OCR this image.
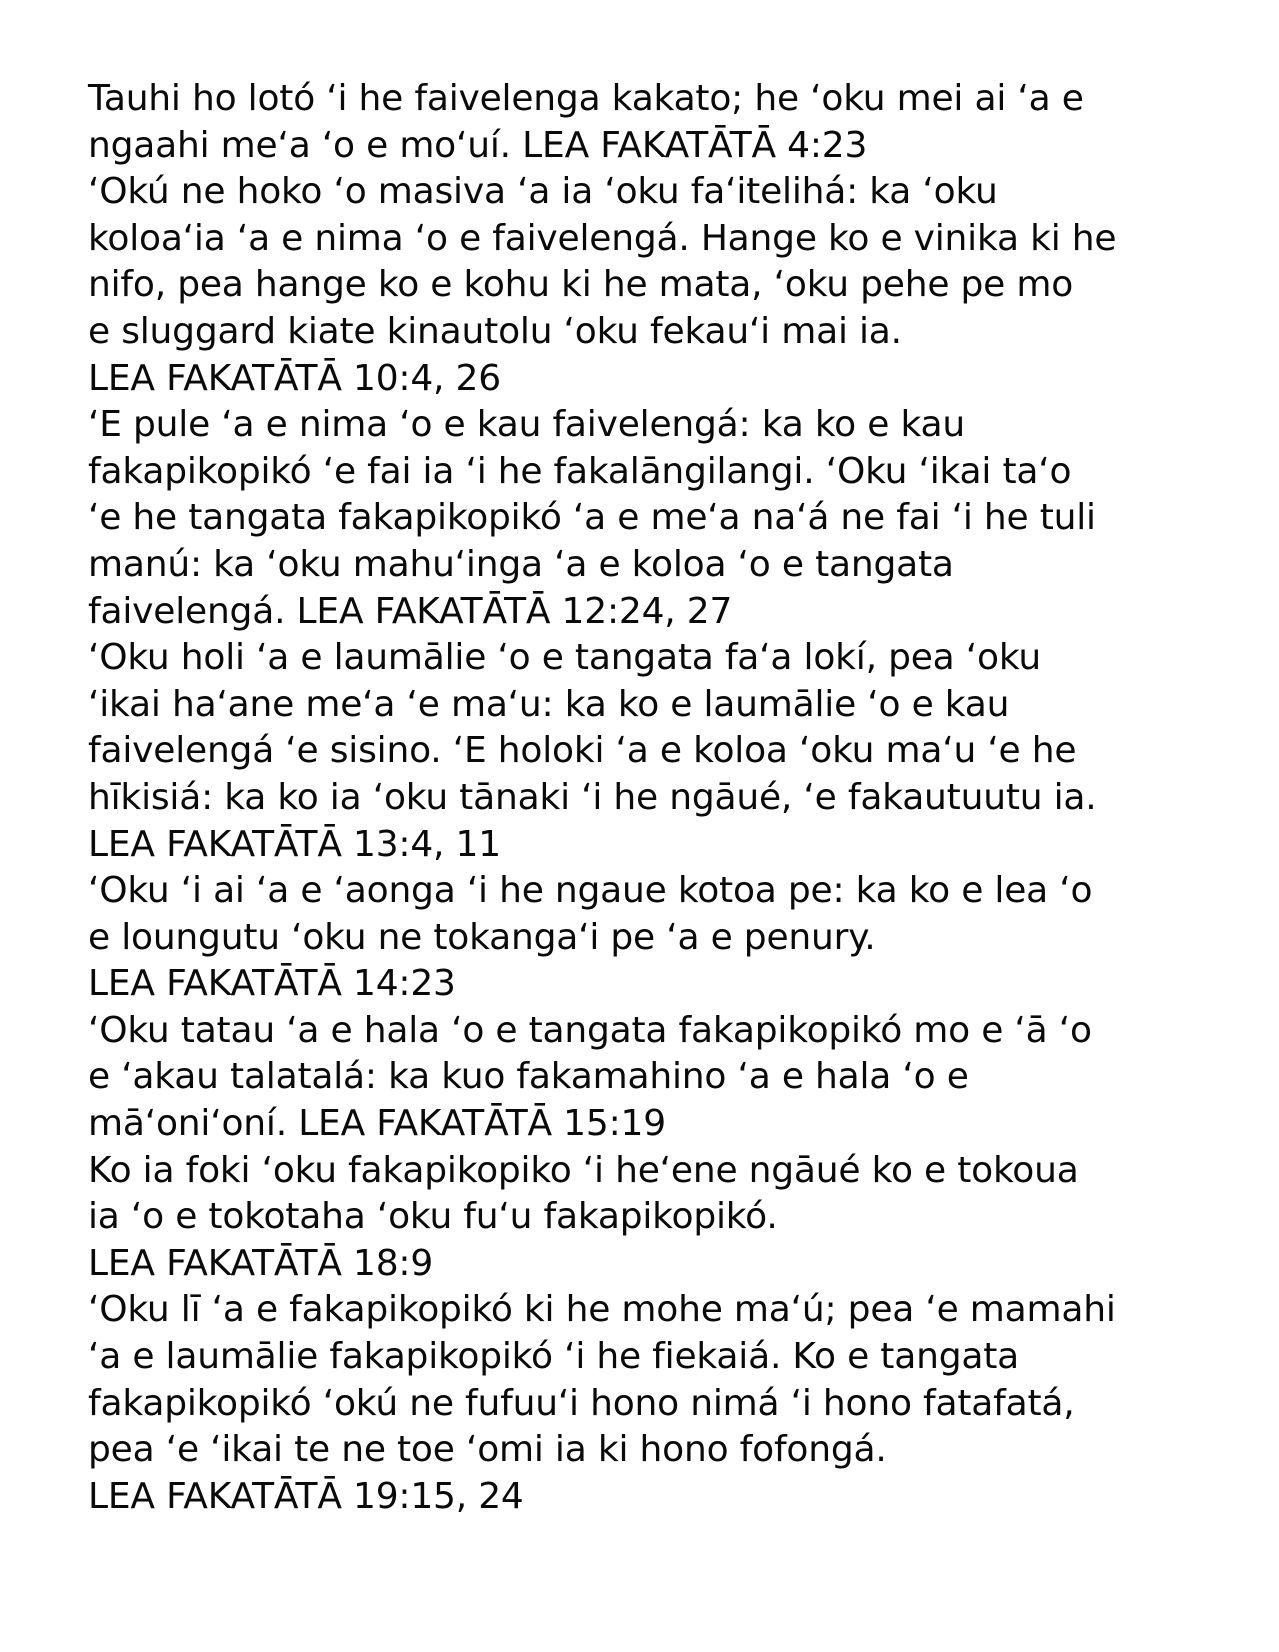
Tauhi ho lotó ʻi he faivelenga kakato; he ʻoku mei ai ʻa e
ngaahi meʻa ʻo e moʻuí. LEA FAKATĀTĀ 4:23
ʻOkú ne hoko ʻo masiva ʻa ia ʻoku faʻitelihá: ka ʻoku
koloaʻia ʻa e nima ʻo e faivelengá. Hange ko e vinika ki he
nifo, pea hange ko e kohu ki he mata, ʻoku pehe pe mo
e sluggard kiate kinautolu ʻoku fekauʻi mai ia.
LEA FAKATĀTĀ 10:4, 26
ʻE pule ʻa e nima ʻo e kau faivelengá: ka ko e kau
fakapikopikó ʻe fai ia ʻi he fakalāngilangi. ʻOku ʻikai taʻo
ʻe he tangata fakapikopikó ʻa e meʻa naʻá ne fai ʻi he tuli
manú: ka ʻoku mahuʻinga ʻa e koloa ʻo e tangata
faivelengá. LEA FAKATĀTĀ 12:24, 27
ʻOku holi ʻa e laumālie ʻo e tangata faʻa lokí, pea ʻoku
ʻikai haʻane meʻa ʻe maʻu: ka ko e laumālie ʻo e kau
faivelengá ʻe sisino. ʻE holoki ʻa e koloa ʻoku maʻu ʻe he
hīkisiá: ka ko ia ʻoku tānaki ʻi he ngāué, ʻe fakautuutu ia.
LEA FAKATĀTĀ 13:4, 11
ʻOku ʻi ai ʻa e ʻaonga ʻi he ngaue kotoa pe: ka ko e lea ʻo
e loungutu ʻoku ne tokangaʻi pe ʻa e penury.
LEA FAKATĀTĀ 14:23
ʻOku tatau ʻa e hala ʻo e tangata fakapikopikó mo e ʻā ʻo
e ʻakau talatalá: ka kuo fakamahino ʻa e hala ʻo e
māʻoniʻoní. LEA FAKATĀTĀ 15:19
Ko ia foki ʻoku fakapikopiko ʻi heʻene ngāué ko e tokoua
ia ʻo e tokotaha ʻoku fuʻu fakapikopikó.
LEA FAKATĀTĀ 18:9
ʻOku lī ʻa e fakapikopikó ki he mohe maʻú; pea ʻe mamahi
ʻa e laumālie fakapikopikó ʻi he fiekaiá. Ko e tangata
fakapikopikó ʻokú ne fufuuʻi hono nimá ʻi hono fatafatá,
pea ʻe ʻikai te ne toe ʻomi ia ki hono fofongá.
LEA FAKATĀTĀ 19:15, 24
